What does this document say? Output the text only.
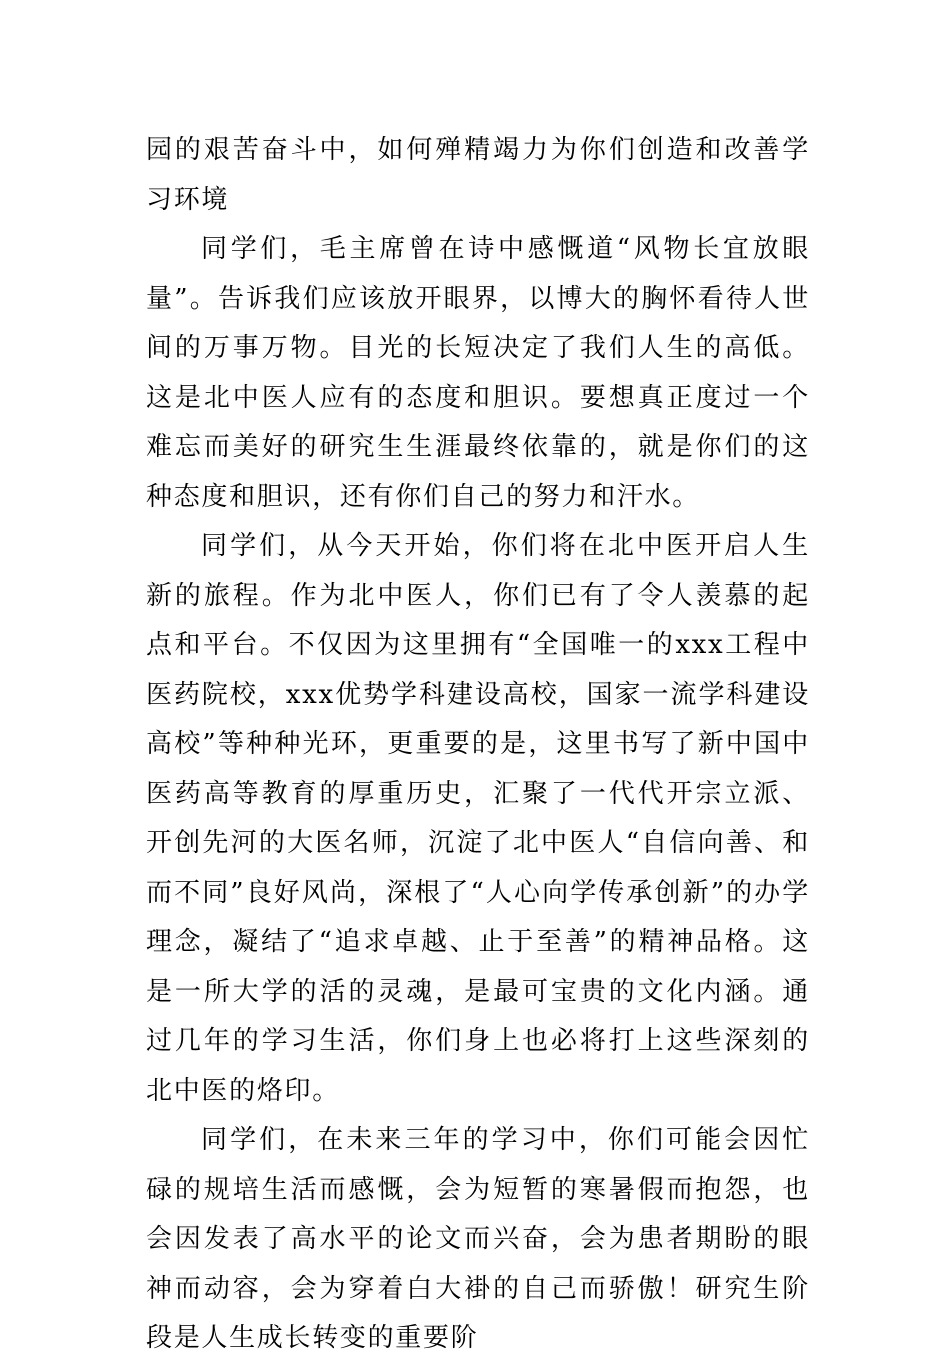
园的艰苦奋斗中，如何殚精竭力为你们创造和改善学习环境

同学们，毛主席曾在诗中感慨道“风物长宜放眼量”。告诉我们应该放开眼界，以博大的胸怀看待人世间的万事万物。目光的长短决定了我们人生的高低。这是北中医人应有的态度和胆识。要想真正度过一个难忘而美好的研究生生涯最终依靠的，就是你们的这种态度和胆识，还有你们自己的努力和汗水。

同学们，从今天开始，你们将在北中医开启人生新的旅程。作为北中医人，你们已有了令人羡慕的起点和平台。不仅因为这里拥有“全国唯一的xxx工程中医药院校，xxx优势学科建设高校，国家一流学科建设高校”等种种光环，更重要的是，这里书写了新中国中医药高等教育的厚重历史，汇聚了一代代开宗立派、开创先河的大医名师，沉淀了北中医人“自信向善、和而不同”良好风尚，深根了“人心向学传承创新”的办学理念，凝结了“追求卓越、止于至善”的精神品格。这是一所大学的活的灵魂，是最可宝贵的文化内涵。通过几年的学习生活，你们身上也必将打上这些深刻的北中医的烙印。

同学们，在未来三年的学习中，你们可能会因忙碌的规培生活而感慨，会为短暂的寒暑假而抱怨，也会因发表了高水平的论文而兴奋，会为患者期盼的眼神而动容，会为穿着白大褂的自己而骄傲！研究生阶段是人生成长转变的重要阶
